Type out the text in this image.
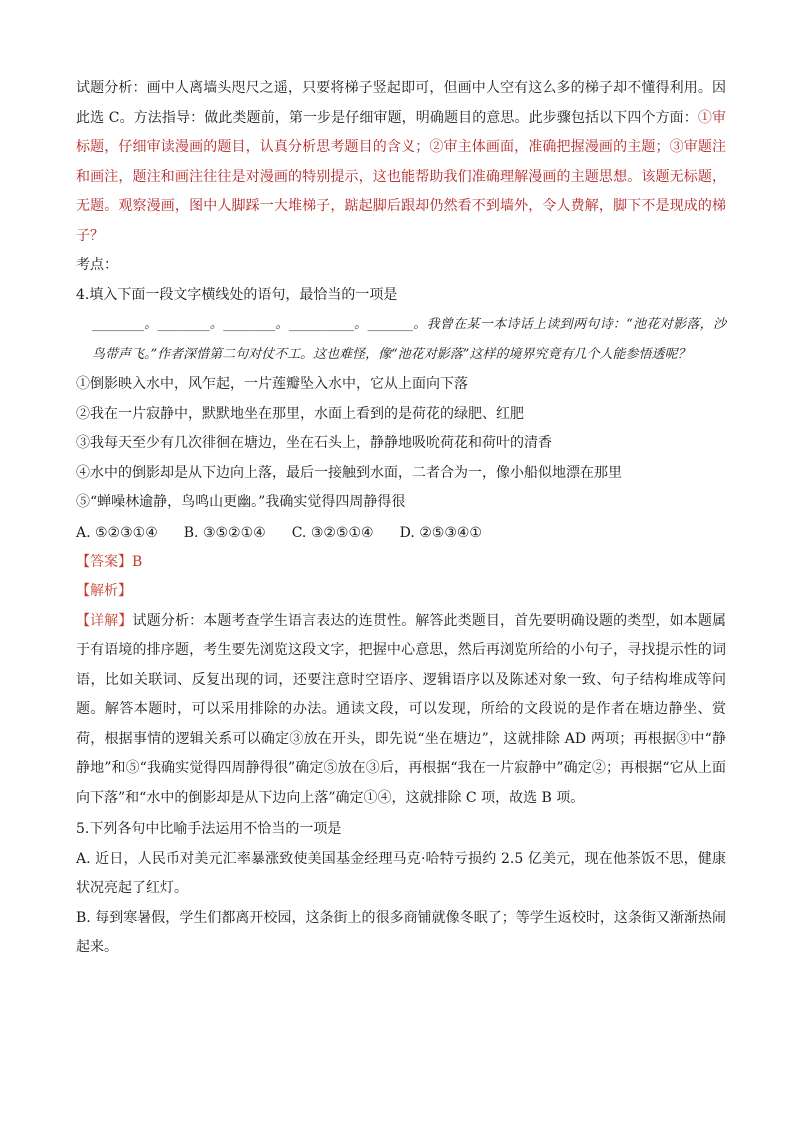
试题分析：画中人离墙头咫尺之遥，只要将梯子竖起即可，但画中人空有这么多的梯子却不懂得利用。因此选 C。方法指导：做此类题前，第一步是仔细审题，明确题目的意思。此步骤包括以下四个方面：①审标题，仔细审读漫画的题目，认真分析思考题目的含义；②审主体画面，准确把握漫画的主题；③审题注和画注，题注和画注往往是对漫画的特别提示，这也能帮助我们准确理解漫画的主题思想。该题无标题，无题。观察漫画，图中人脚踩一大堆梯子，踮起脚后跟却仍然看不到墙外，令人费解，脚下不是现成的梯子？

考点：

4.填入下面一段文字横线处的语句，最恰当的一项是

________。________。________。__________。_______。我曾在某一本诗话上读到两句诗：“池花对影落，沙鸟带声飞。”作者深惜第二句对仗不工。这也难怪，像“池花对影落”这样的境界究竟有几个人能参悟透呢？

①倒影映入水中，风乍起，一片莲瓣坠入水中，它从上面向下落

②我在一片寂静中，默默地坐在那里，水面上看到的是荷花的绿肥、红肥

③我每天至少有几次徘徊在塘边，坐在石头上，静静地吸吮荷花和荷叶的清香

④水中的倒影却是从下边向上落，最后一接触到水面，二者合为一，像小船似地漂在那里

⑤“蝉噪林逾静，鸟鸣山更幽。”我确实觉得四周静得很

A. ⑤②③①④ B. ③⑤②①④ C. ③②⑤①④ D. ②⑤③④①

【答案】B

【解析】

【详解】试题分析：本题考查学生语言表达的连贯性。解答此类题目，首先要明确设题的类型，如本题属于有语境的排序题，考生要先浏览这段文字，把握中心意思，然后再浏览所给的小句子，寻找提示性的词语，比如关联词、反复出现的词，还要注意时空语序、逻辑语序以及陈述对象一致、句子结构堆成等问题。解答本题时，可以采用排除的办法。通读文段，可以发现，所给的文段说的是作者在塘边静坐、赏荷，根据事情的逻辑关系可以确定③放在开头，即先说“坐在塘边”，这就排除 AD 两项；再根据③中“静静地”和⑤“我确实觉得四周静得很”确定⑤放在③后，再根据“我在一片寂静中”确定②；再根据“它从上面向下落”和“水中的倒影却是从下边向上落”确定①④，这就排除 C 项，故选 B 项。

5.下列各句中比喻手法运用不恰当的一项是

A. 近日，人民币对美元汇率暴涨致使美国基金经理马克·哈特亏损约 2.5 亿美元，现在他茶饭不思，健康状况亮起了红灯。

B. 每到寒暑假，学生们都离开校园，这条街上的很多商铺就像冬眠了；等学生返校时，这条街又渐渐热闹起来。
